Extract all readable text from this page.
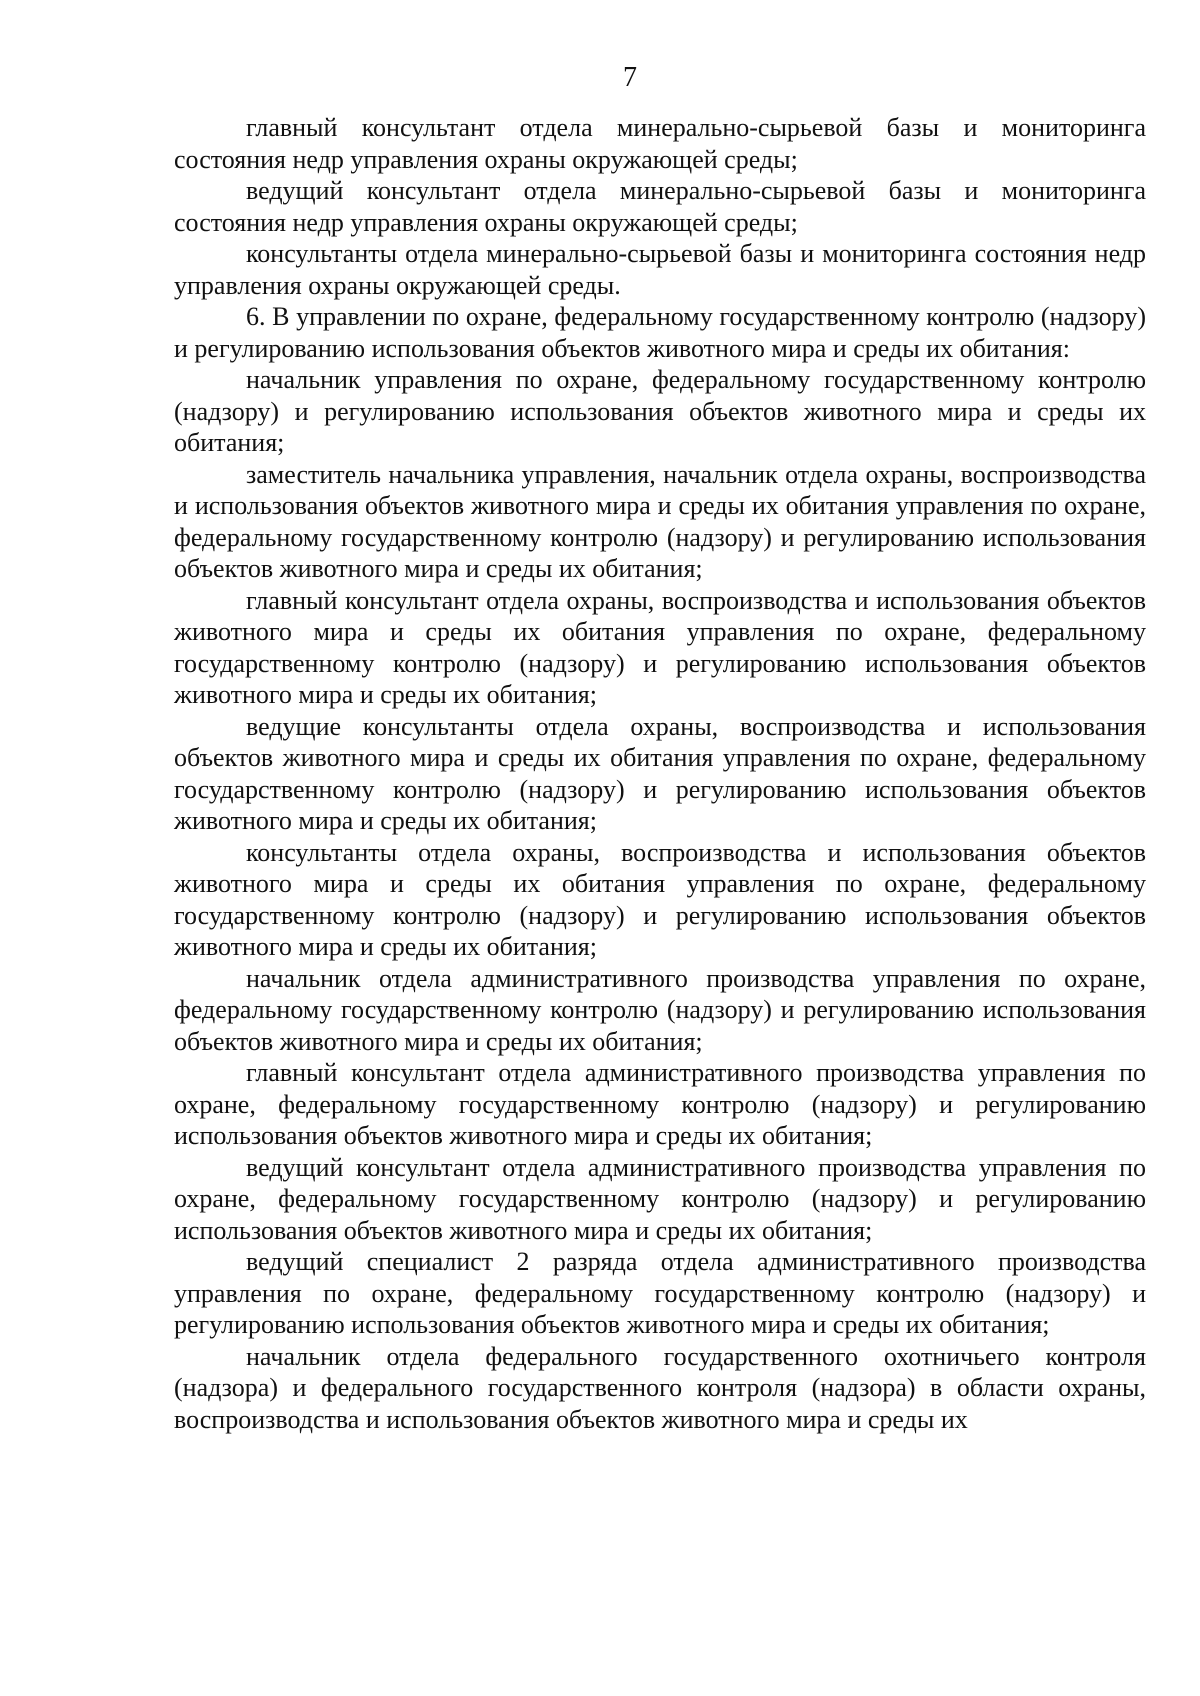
7

главный консультант отдела минерально-сырьевой базы и мониторинга состояния недр управления охраны окружающей среды;

ведущий консультант отдела минерально-сырьевой базы и мониторинга состояния недр управления охраны окружающей среды;

консультанты отдела минерально-сырьевой базы и мониторинга состояния недр управления охраны окружающей среды.

6. В управлении по охране, федеральному государственному контролю (надзору) и регулированию использования объектов животного мира и среды их обитания:

начальник управления по охране, федеральному государственному контролю (надзору) и регулированию использования объектов животного мира и среды их обитания;

заместитель начальника управления, начальник отдела охраны, воспроизводства и использования объектов животного мира и среды их обитания управления по охране, федеральному государственному контролю (надзору) и регулированию использования объектов животного мира и среды их обитания;

главный консультант отдела охраны, воспроизводства и использования объектов животного мира и среды их обитания управления по охране, федеральному государственному контролю (надзору) и регулированию использования объектов животного мира и среды их обитания;

ведущие консультанты отдела охраны, воспроизводства и использования объектов животного мира и среды их обитания управления по охране, федеральному государственному контролю (надзору) и регулированию использования объектов животного мира и среды их обитания;

консультанты отдела охраны, воспроизводства и использования объектов животного мира и среды их обитания управления по охране, федеральному государственному контролю (надзору) и регулированию использования объектов животного мира и среды их обитания;

начальник отдела административного производства управления по охране, федеральному государственному контролю (надзору) и регулированию использования объектов животного мира и среды их обитания;

главный консультант отдела административного производства управления по охране, федеральному государственному контролю (надзору) и регулированию использования объектов животного мира и среды их обитания;

ведущий консультант отдела административного производства управления по охране, федеральному государственному контролю (надзору) и регулированию использования объектов животного мира и среды их обитания;

ведущий специалист 2 разряда отдела административного производства управления по охране, федеральному государственному контролю (надзору) и регулированию использования объектов животного мира и среды их обитания;

начальник отдела федерального государственного охотничьего контроля (надзора) и федерального государственного контроля (надзора) в области охраны, воспроизводства и использования объектов животного мира и среды их
